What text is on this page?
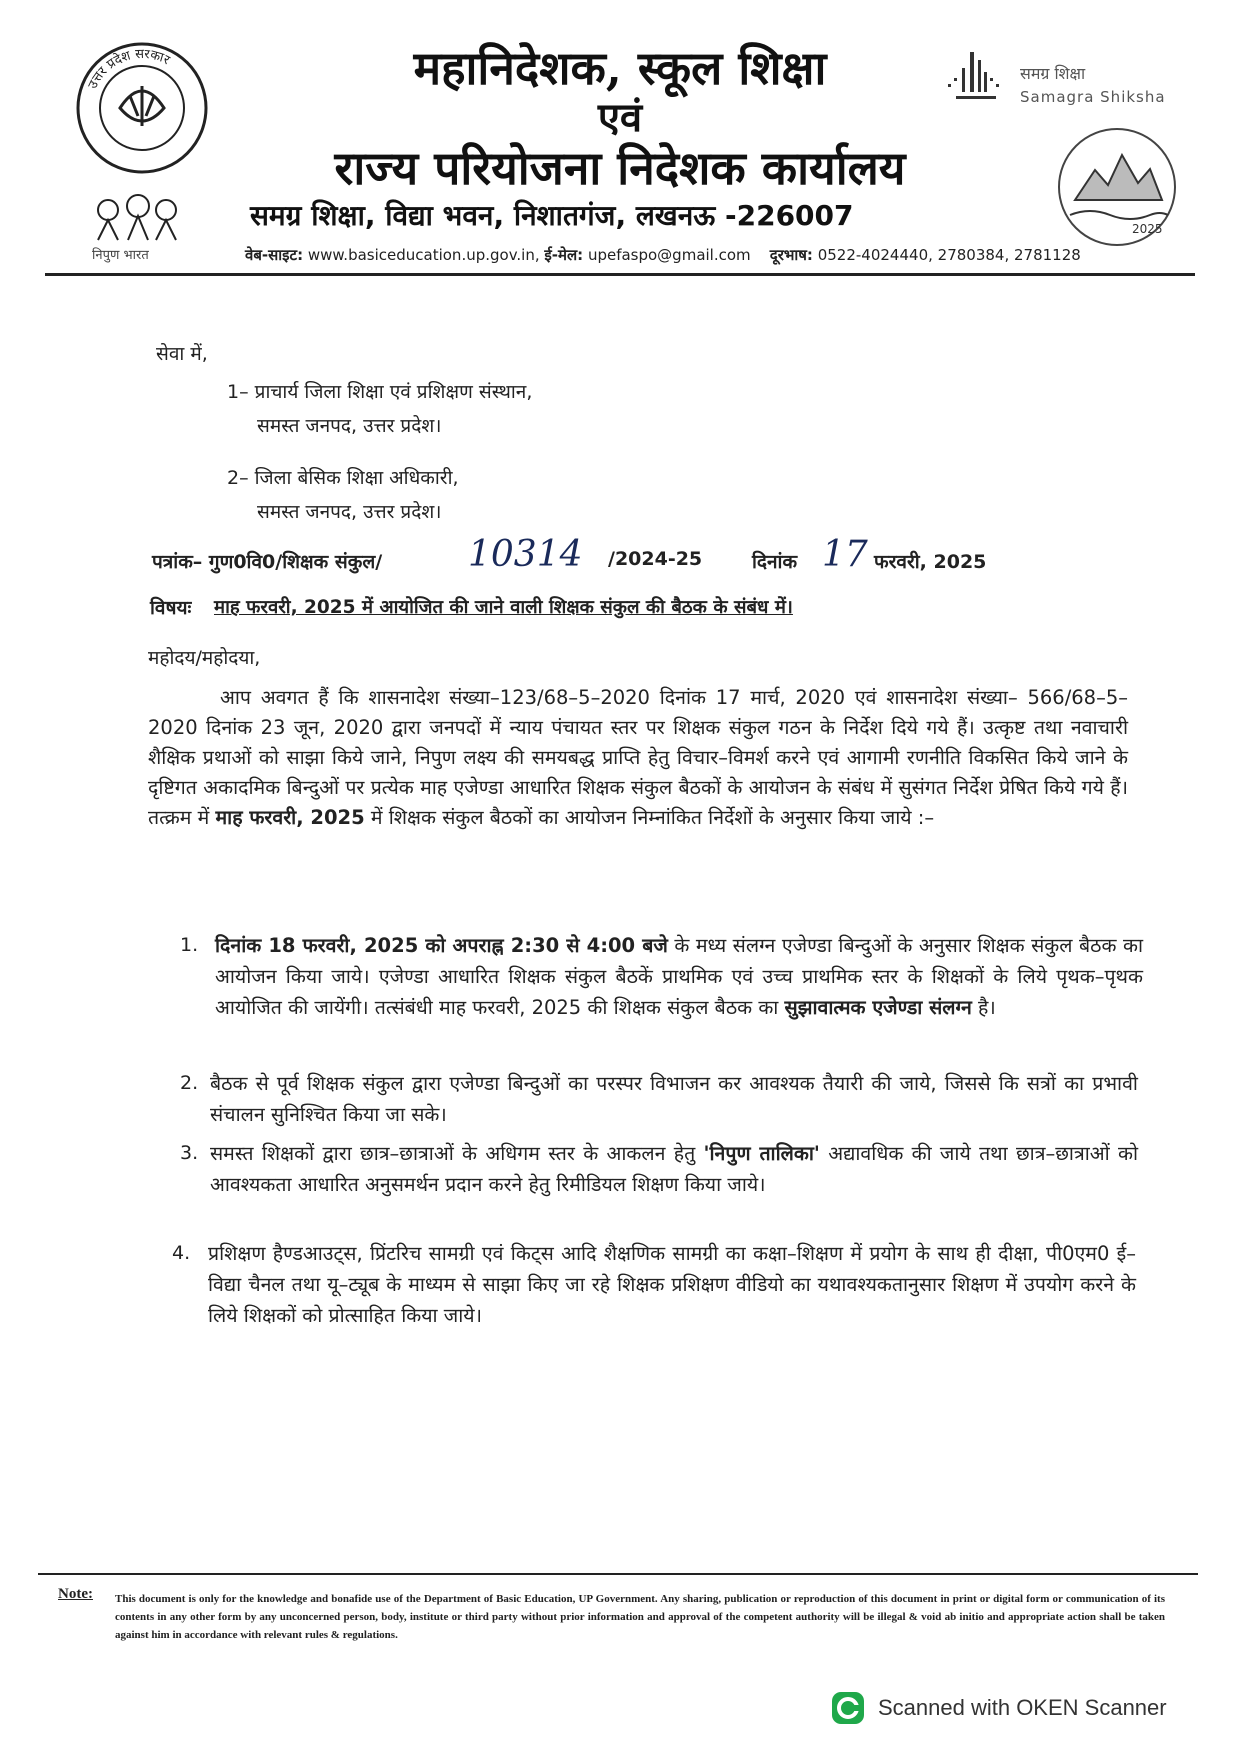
उत्तर प्रदेश सरकार
निपुण भारत
महानिदेशक, स्कूल शिक्षा
एवं
राज्य परियोजना निदेशक कार्यालय
समग्र शिक्षा, विद्या भवन, निशातगंज, लखनऊ -226007
वेब-साइट: www.basiceducation.up.gov.in, ई-मेल: upefaspo@gmail.com दूरभाष: 0522-4024440, 2780384, 2781128
समग्र शिक्षा
Samagra Shiksha
2025
सेवा में,
1– प्राचार्य जिला शिक्षा एवं प्रशिक्षण संस्थान,
समस्त जनपद, उत्तर प्रदेश।
2– जिला बेसिक शिक्षा अधिकारी,
समस्त जनपद, उत्तर प्रदेश।
पत्रांक– गुण0वि0/शिक्षक संकुल/ 10314 /2024-25	दिनांक 17 फरवरी, 2025
विषयः माह फरवरी, 2025 में आयोजित की जाने वाली शिक्षक संकुल की बैठक के संबंध में।
महोदय/महोदया,
आप अवगत हैं कि शासनादेश संख्या–123/68–5–2020 दिनांक 17 मार्च, 2020 एवं शासनादेश संख्या– 566/68–5–2020 दिनांक 23 जून, 2020 द्वारा जनपदों में न्याय पंचायत स्तर पर शिक्षक संकुल गठन के निर्देश दिये गये हैं। उत्कृष्ट तथा नवाचारी शैक्षिक प्रथाओं को साझा किये जाने, निपुण लक्ष्य की समयबद्ध प्राप्ति हेतु विचार–विमर्श करने एवं आगामी रणनीति विकसित किये जाने के दृष्टिगत अकादमिक बिन्दुओं पर प्रत्येक माह एजेण्डा आधारित शिक्षक संकुल बैठकों के आयोजन के संबंध में सुसंगत निर्देश प्रेषित किये गये हैं। तत्क्रम में माह फरवरी, 2025 में शिक्षक संकुल बैठकों का आयोजन निम्नांकित निर्देशों के अनुसार किया जाये :–
1. दिनांक 18 फरवरी, 2025 को अपराह्न 2:30 से 4:00 बजे के मध्य संलग्न एजेण्डा बिन्दुओं के अनुसार शिक्षक संकुल बैठक का आयोजन किया जाये। एजेण्डा आधारित शिक्षक संकुल बैठकें प्राथमिक एवं उच्च प्राथमिक स्तर के शिक्षकों के लिये पृथक–पृथक आयोजित की जायेंगी। तत्संबंधी माह फरवरी, 2025 की शिक्षक संकुल बैठक का सुझावात्मक एजेण्डा संलग्न है।
2. बैठक से पूर्व शिक्षक संकुल द्वारा एजेण्डा बिन्दुओं का परस्पर विभाजन कर आवश्यक तैयारी की जाये, जिससे कि सत्रों का प्रभावी संचालन सुनिश्चित किया जा सके।
3. समस्त शिक्षकों द्वारा छात्र–छात्राओं के अधिगम स्तर के आकलन हेतु 'निपुण तालिका' अद्यावधिक की जाये तथा छात्र–छात्राओं को आवश्यकता आधारित अनुसमर्थन प्रदान करने हेतु रिमीडियल शिक्षण किया जाये।
4. प्रशिक्षण हैण्डआउट्स, प्रिंटरिच सामग्री एवं किट्स आदि शैक्षणिक सामग्री का कक्षा–शिक्षण में प्रयोग के साथ ही दीक्षा, पी0एम0 ई–विद्या चैनल तथा यू–ट्यूब के माध्यम से साझा किए जा रहे शिक्षक प्रशिक्षण वीडियो का यथावश्यकतानुसार शिक्षण में उपयोग करने के लिये शिक्षकों को प्रोत्साहित किया जाये।
Note: This document is only for the knowledge and bonafide use of the Department of Basic Education, UP Government. Any sharing, publication or reproduction of this document in print or digital form or communication of its contents in any other form by any unconcerned person, body, institute or third party without prior information and approval of the competent authority will be illegal & void ab initio and appropriate action shall be taken against him in accordance with relevant rules & regulations.
Scanned with OKEN Scanner
